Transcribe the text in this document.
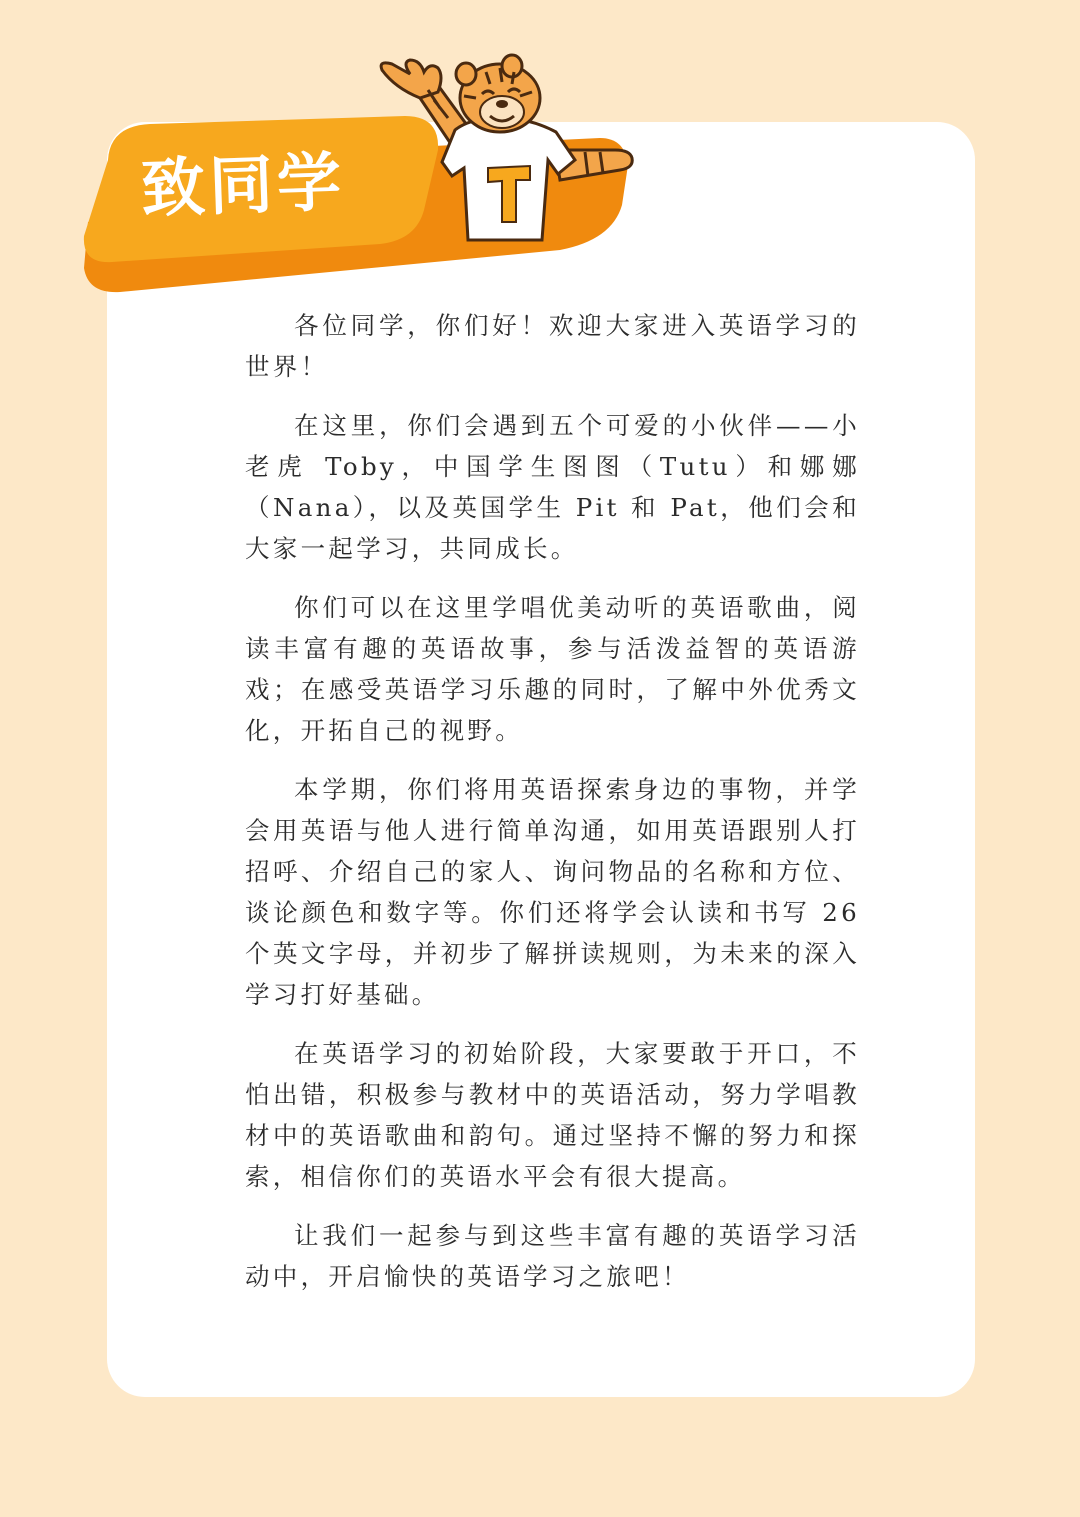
致同学

各位同学，你们好！欢迎大家进入英语学习的世界！

在这里，你们会遇到五个可爱的小伙伴——小老虎 Toby，中国学生图图（Tutu）和娜娜（Nana），以及英国学生 Pit 和 Pat，他们会和大家一起学习，共同成长。

你们可以在这里学唱优美动听的英语歌曲，阅读丰富有趣的英语故事，参与活泼益智的英语游戏；在感受英语学习乐趣的同时，了解中外优秀文化，开拓自己的视野。

本学期，你们将用英语探索身边的事物，并学会用英语与他人进行简单沟通，如用英语跟别人打招呼、介绍自己的家人、询问物品的名称和方位、谈论颜色和数字等。你们还将学会认读和书写 26 个英文字母，并初步了解拼读规则，为未来的深入学习打好基础。

在英语学习的初始阶段，大家要敢于开口，不怕出错，积极参与教材中的英语活动，努力学唱教材中的英语歌曲和韵句。通过坚持不懈的努力和探索，相信你们的英语水平会有很大提高。

让我们一起参与到这些丰富有趣的英语学习活动中，开启愉快的英语学习之旅吧！
